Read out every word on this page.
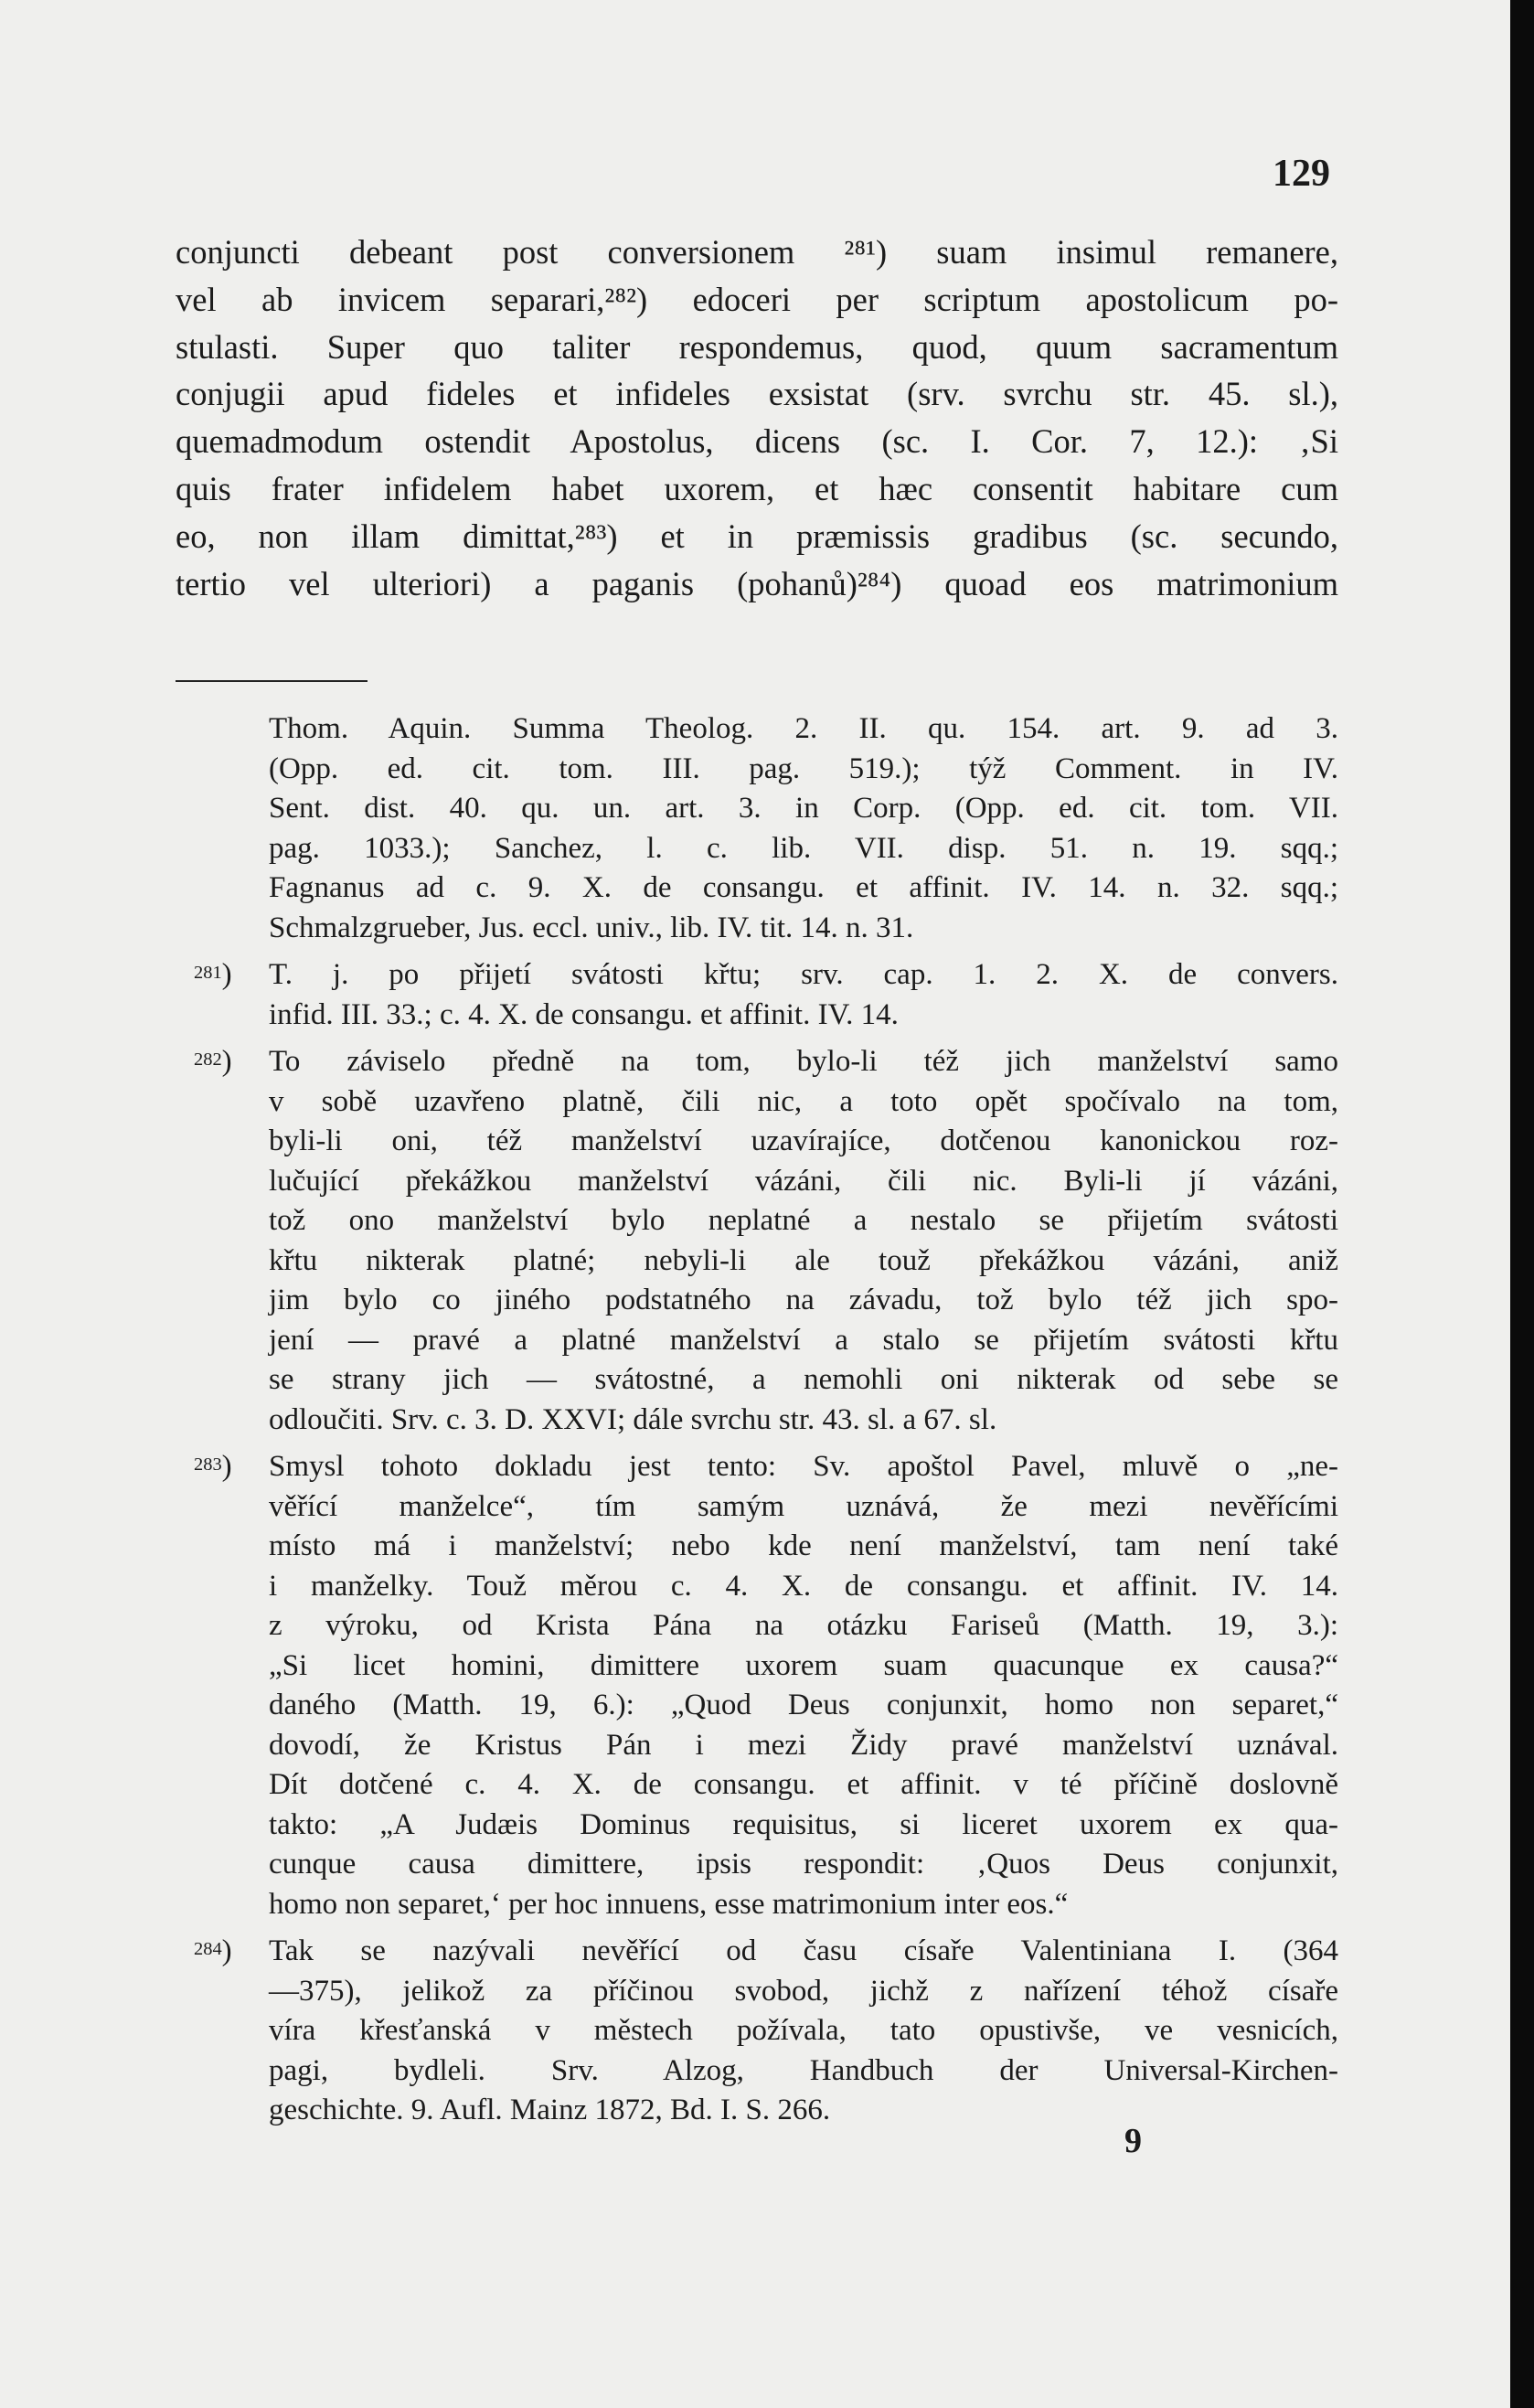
129

conjuncti debeant post conversionem ²⁸¹) suam insimul remanere,

vel ab invicem separari,²⁸²) edoceri per scriptum apostolicum po-

stulasti. Super quo taliter respondemus, quod, quum sacramentum

conjugii apud fideles et infideles exsistat (srv. svrchu str. 45. sl.),

quemadmodum ostendit Apostolus, dicens (sc. I. Cor. 7, 12.): ‚Si

quis frater infidelem habet uxorem, et hæc consentit habitare cum

eo, non illam dimittat,²⁸³) et in præmissis gradibus (sc. secundo,

tertio vel ulteriori) a paganis (pohanů)²⁸⁴) quoad eos matrimonium

Thom. Aquin. Summa Theolog. 2. II. qu. 154. art. 9. ad 3.

(Opp. ed. cit. tom. III. pag. 519.); týž Comment. in IV.

Sent. dist. 40. qu. un. art. 3. in Corp. (Opp. ed. cit. tom. VII.

pag. 1033.); Sanchez, l. c. lib. VII. disp. 51. n. 19. sqq.;

Fagnanus ad c. 9. X. de consangu. et affinit. IV. 14. n. 32. sqq.;

Schmalzgrueber, Jus. eccl. univ., lib. IV. tit. 14. n. 31.

$^{281}$) T. j. po přijetí svátosti křtu; srv. cap. 1. 2. X. de convers.

infid. III. 33.; c. 4. X. de consangu. et affinit. IV. 14.

$^{282}$) To záviselo předně na tom, bylo-li též jich manželství samo

v sobě uzavřeno platně, čili nic, a toto opět spočívalo na tom,

byli-li oni, též manželství uzavírajíce, dotčenou kanonickou roz-

lučující překážkou manželství vázáni, čili nic. Byli-li jí vázáni,

tož ono manželství bylo neplatné a nestalo se přijetím svátosti

křtu nikterak platné; nebyli-li ale touž překážkou vázáni, aniž

jim bylo co jiného podstatného na závadu, tož bylo též jich spo-

jení — pravé a platné manželství a stalo se přijetím svátosti křtu

se strany jich — svátostné, a nemohli oni nikterak od sebe se

odloučiti. Srv. c. 3. D. XXVI; dále svrchu str. 43. sl. a 67. sl.

$^{283}$) Smysl tohoto dokladu jest tento: Sv. apoštol Pavel, mluvě o „ne-

věřící manželce“, tím samým uznává, že mezi nevěřícími

místo má i manželství; nebo kde není manželství, tam není také

i manželky. Touž měrou c. 4. X. de consangu. et affinit. IV. 14.

z výroku, od Krista Pána na otázku Fariseů (Matth. 19, 3.):

„Si licet homini, dimittere uxorem suam quacunque ex causa?“

daného (Matth. 19, 6.): „Quod Deus conjunxit, homo non separet,“

dovodí, že Kristus Pán i mezi Židy pravé manželství uznával.

Dít dotčené c. 4. X. de consangu. et affinit. v té příčině doslovně

takto: „A Judæis Dominus requisitus, si liceret uxorem ex qua-

cunque causa dimittere, ipsis respondit: ‚Quos Deus conjunxit,

homo non separet,‘ per hoc innuens, esse matrimonium inter eos.“

$^{284}$) Tak se nazývali nevěřící od času císaře Valentiniana I. (364

—375), jelikož za příčinou svobod, jichž z nařízení téhož císaře

víra křesťanská v městech požívala, tato opustivše, ve vesnicích,

pagi, bydleli. Srv. Alzog, Handbuch der Universal-Kirchen-

geschichte. 9. Aufl. Mainz 1872, Bd. I. S. 266.

9
